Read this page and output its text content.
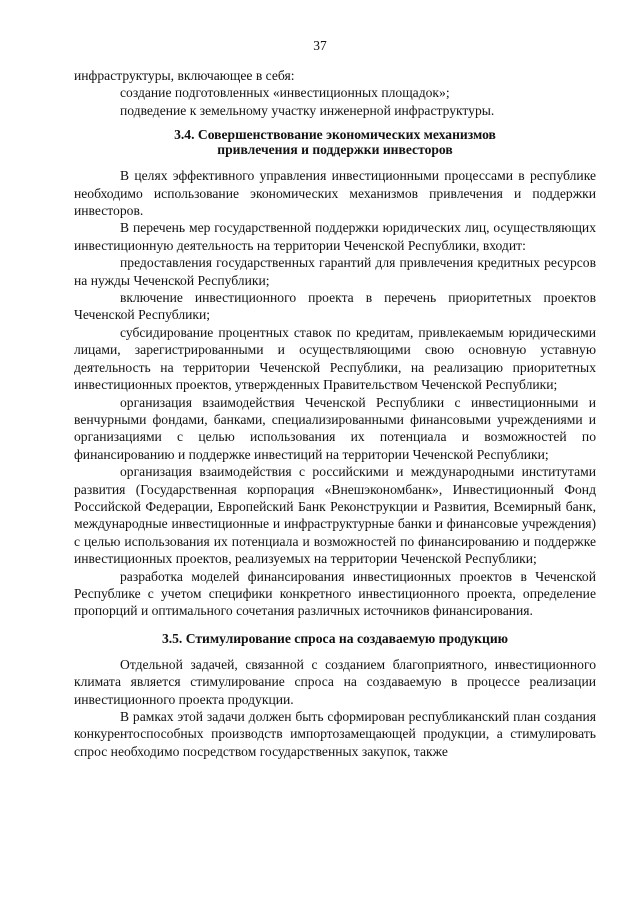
37

инфраструктуры, включающее в себя:

создание подготовленных «инвестиционных площадок»;

подведение к земельному участку инженерной инфраструктуры.

3.4. Совершенствование экономических механизмов
привлечения и поддержки инвесторов

В целях эффективного управления инвестиционными процессами в республике необходимо использование экономических механизмов привлечения и поддержки инвесторов.

В перечень мер государственной поддержки юридических лиц, осуществляющих инвестиционную деятельность на территории Чеченской Республики, входит:

предоставления государственных гарантий для привлечения кредитных ресурсов на нужды Чеченской Республики;

включение инвестиционного проекта в перечень приоритетных проектов Чеченской Республики;

субсидирование процентных ставок по кредитам, привлекаемым юридическими лицами, зарегистрированными и осуществляющими свою основную уставную деятельность на территории Чеченской Республики, на реализацию приоритетных инвестиционных проектов, утвержденных Правительством Чеченской Республики;

организация взаимодействия Чеченской Республики с инвестиционными и венчурными фондами, банками, специализированными финансовыми учреждениями и организациями с целью использования их потенциала и возможностей по финансированию и поддержке инвестиций на территории Чеченской Республики;

организация взаимодействия с российскими и международными институтами развития (Государственная корпорация «Внешэкономбанк», Инвестиционный Фонд Российской Федерации, Европейский Банк Реконструкции и Развития, Всемирный банк, международные инвестиционные и инфраструктурные банки и финансовые учреждения) с целью использования их потенциала и возможностей по финансированию и поддержке инвестиционных проектов, реализуемых на территории Чеченской Республики;

разработка моделей финансирования инвестиционных проектов в Чеченской Республике с учетом специфики конкретного инвестиционного проекта, определение пропорций и оптимального сочетания различных источников финансирования.

3.5. Стимулирование спроса на создаваемую продукцию

Отдельной задачей, связанной с созданием благоприятного, инвестиционного климата является стимулирование спроса на создаваемую в процессе реализации инвестиционного проекта продукции.

В рамках этой задачи должен быть сформирован республиканский план создания конкурентоспособных производств импортозамещающей продукции, а стимулировать спрос необходимо посредством государственных закупок, также
